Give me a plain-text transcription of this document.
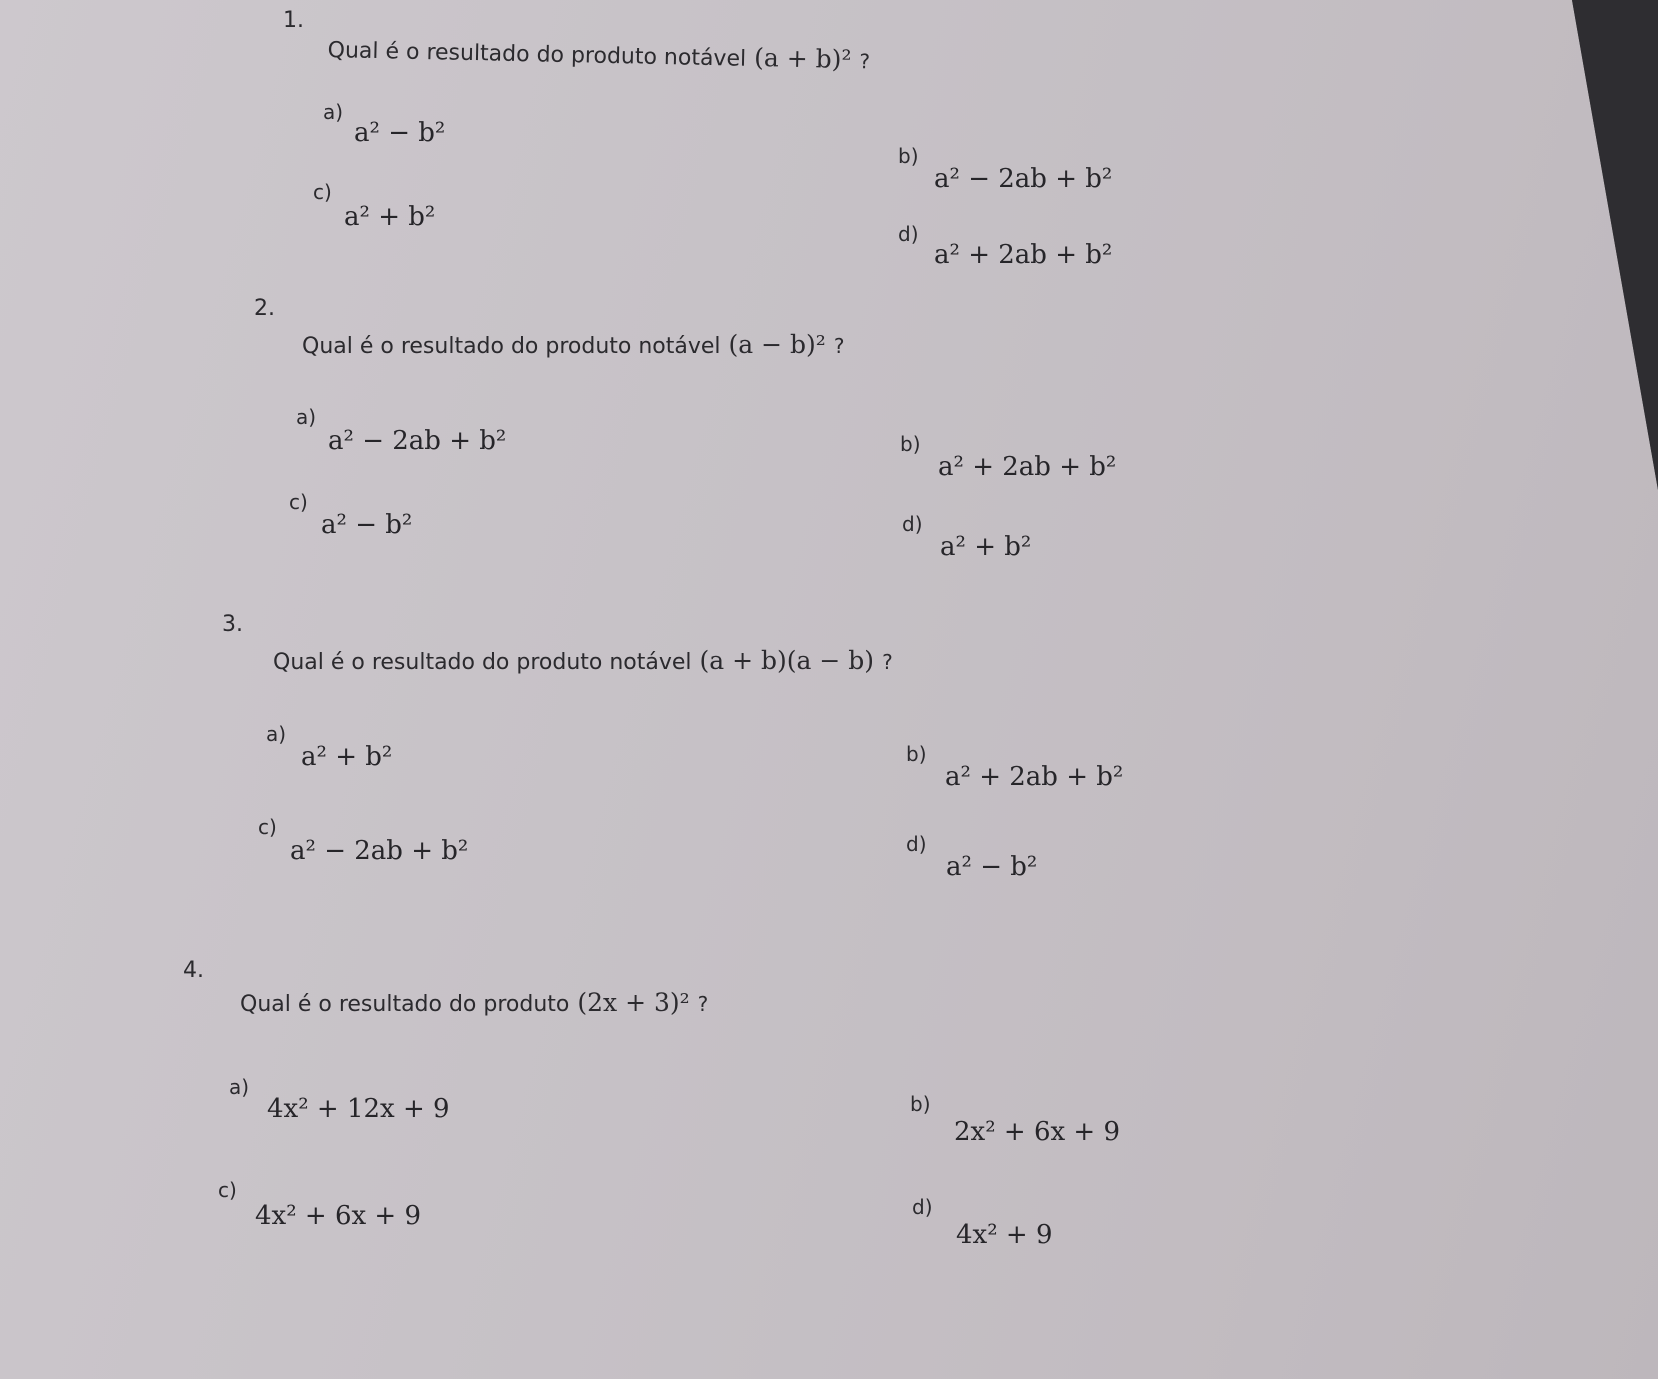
1.
Qual é o resultado do produto notável (a + b)² ?
a)
a² − b²
b)
a² − 2ab + b²
c)
a² + b²
d)
a² + 2ab + b²
2.
Qual é o resultado do produto notável (a − b)² ?
a)
a² − 2ab + b²	b)
a² + 2ab + b²
c)
a² − b²	d)
a² + b²
3.
Qual é o resultado do produto notável (a + b)(a − b) ?
a)
a² + b²	b)
a² + 2ab + b²
c)
a² − 2ab + b²	d)
a² − b²
4.
Qual é o resultado do produto (2x + 3)² ?
a)
4x² + 12x + 9	b)
2x² + 6x + 9
c)
4x² + 6x + 9	d)
4x² + 9
